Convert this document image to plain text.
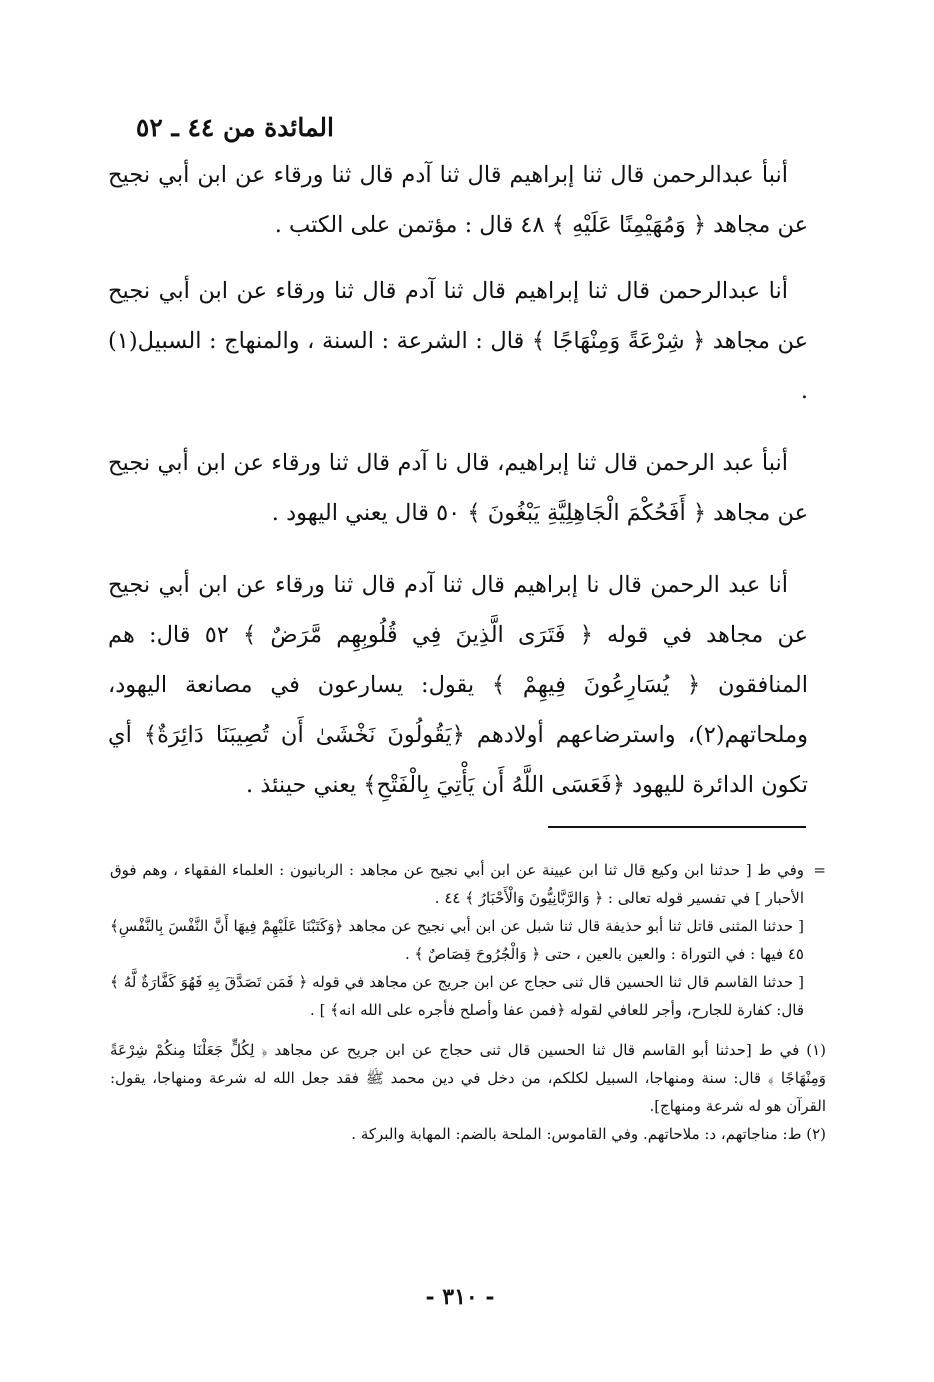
المائدة من ٤٤ ـ ٥٢

أنبأ عبدالرحمن قال ثنا إبراهيم قال ثنا آدم قال ثنا ورقاء عن ابن أبي نجيح عن مجاهد ﴿ وَمُهَيْمِنًا عَلَيْهِ ﴾ ٤٨ قال : مؤتمن على الكتب .

أنا عبدالرحمن قال ثنا إبراهيم قال ثنا آدم قال ثنا ورقاء عن ابن أبي نجيح عن مجاهد ﴿ شِرْعَةً وَمِنْهَاجًا ﴾ قال : الشرعة : السنة ، والمنهاج : السبيل(١) .

أنبأ عبد الرحمن قال ثنا إبراهيم، قال نا آدم قال ثنا ورقاء عن ابن أبي نجيح عن مجاهد ﴿ أَفَحُكْمَ الْجَاهِلِيَّةِ يَبْغُونَ ﴾ ٥٠ قال يعني اليهود .

أنا عبد الرحمن قال نا إبراهيم قال ثنا آدم قال ثنا ورقاء عن ابن أبي نجيح عن مجاهد في قوله ﴿ فَتَرَى الَّذِينَ فِي قُلُوبِهِم مَّرَضٌ ﴾ ٥٢ قال: هم المنافقون ﴿ يُسَارِعُونَ فِيهِمْ ﴾ يقول: يسارعون في مصانعة اليهود، وملحاتهم(٢)، واسترضاعهم أولادهم ﴿يَقُولُونَ نَخْشَىٰ أَن تُصِيبَنَا دَائِرَةٌ﴾ أي تكون الدائرة لليهود ﴿فَعَسَى اللَّهُ أَن يَأْتِيَ بِالْفَتْحِ﴾ يعني حينئذ .

=

وفي ط [ حدثنا ابن وكيع قال ثنا ابن عيينة عن ابن أبي نجيح عن مجاهد : الربانيون : العلماء الفقهاء ، وهم فوق الأحبار ] في تفسير قوله تعالى : ﴿ وَالرَّبَّانِيُّونَ وَالْأَحْبَارُ ﴾ ٤٤ .

[ حدثنا المثنى قاتل ثنا أبو حذيفة قال ثنا شبل عن ابن أبي نجيح عن مجاهد ﴿وَكَتَبْنَا عَلَيْهِمْ فِيهَا أَنَّ النَّفْسَ بِالنَّفْسِ﴾ ٤٥ فيها : في التوراة : والعين بالعين ، حتى ﴿ وَالْجُرُوحَ قِصَاصٌ ﴾ .

[ حدثنا القاسم قال ثنا الحسين قال ثنى حجاج عن ابن جريج عن مجاهد في قوله ﴿ فَمَن تَصَدَّقَ بِهِ فَهُوَ كَفَّارَةٌ لَّهُ ﴾ قال: كفارة للجارح، وأجر للعافي لقوله ﴿فمن عفا وأصلح فأجره على الله انه﴾ ] .

(١) في ط [حدثنا أبو القاسم قال ثنا الحسين قال ثنى حجاج عن ابن جريح عن مجاهد ﴿ لِكُلٍّ جَعَلْنَا مِنكُمْ شِرْعَةً وَمِنْهَاجًا ﴾ قال: سنة ومنهاجا، السبيل لكلكم، من دخل في دين محمد ﷺ فقد جعل الله له شرعة ومنهاجا، يقول: القرآن هو له شرعة ومنهاج].

(٢) ط: مناجاتهم، د: ملاحاتهم. وفي القاموس: الملحة بالضم: المهابة والبركة .

- ٣١٠ -
